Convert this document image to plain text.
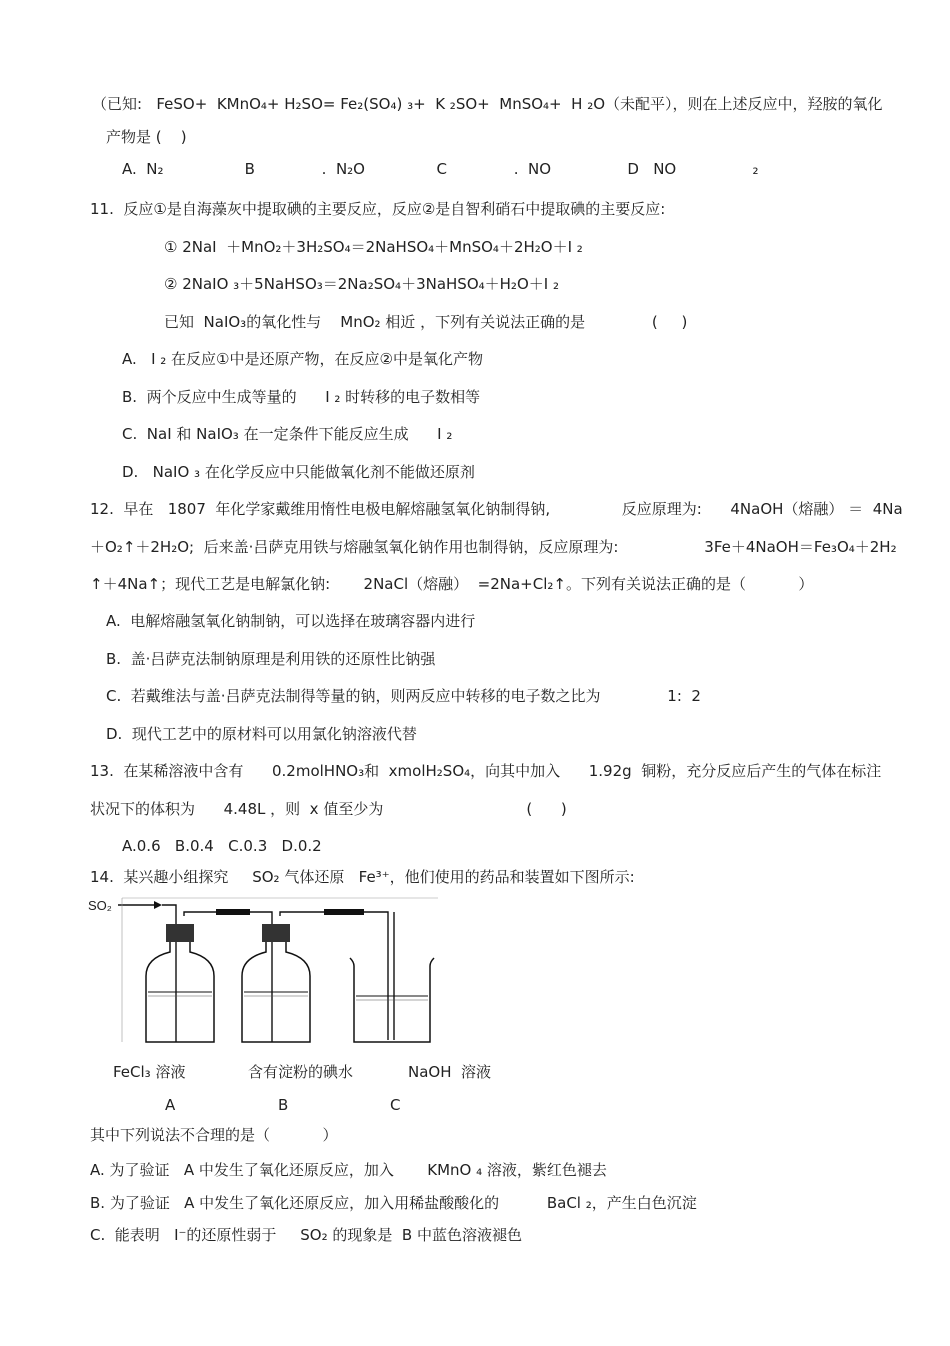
（已知:   FeSO+  KMnO₄+ H₂SO= Fe₂(SO₄) ₃+  K ₂SO+  MnSO₄+  H ₂O（未配平），则在上述反应中，羟胺的氧化
产物是 (    )
A.  N₂                 B              .  N₂O               C              .  NO                D   NO                ₂
11.  反应①是自海藻灰中提取碘的主要反应，反应②是自智利硝石中提取碘的主要反应:
① 2NaI  ＋MnO₂＋3H₂SO₄＝2NaHSO₄＋MnSO₄＋2H₂O＋I ₂
② 2NaIO ₃＋5NaHSO₃＝2Na₂SO₄＋3NaHSO₄＋H₂O＋I ₂
已知  NaIO₃的氧化性与    MnO₂ 相近 ，下列有关说法正确的是              (     )
A.   I ₂ 在反应①中是还原产物，在反应②中是氧化产物
B.  两个反应中生成等量的      I ₂ 时转移的电子数相等
C.  NaI 和 NaIO₃ 在一定条件下能反应生成      I ₂
D.   NaIO ₃ 在化学反应中只能做氧化剂不能做还原剂
12.  早在   1807  年化学家戴维用惰性电极电解熔融氢氧化钠制得钠,               反应原理为:      4NaOH（熔融） ＝  4Na
＋O₂↑＋2H₂O;  后来盖·吕萨克用铁与熔融氢氧化钠作用也制得钠，反应原理为:                  3Fe＋4NaOH＝Fe₃O₄＋2H₂
↑＋4Na↑；现代工艺是电解氯化钠:       2NaCl（熔融）  =2Na+Cl₂↑。下列有关说法正确的是（           ）
A.  电解熔融氢氧化钠制钠，可以选择在玻璃容器内进行
B.  盖·吕萨克法制钠原理是利用铁的还原性比钠强
C.  若戴维法与盖·吕萨克法制得等量的钠，则两反应中转移的电子数之比为              1:  2
D.  现代工艺中的原材料可以用氯化钠溶液代替
13.  在某稀溶液中含有      0.2molHNO₃和  xmolH₂SO₄，向其中加入      1.92g  铜粉，充分反应后产生的气体在标注
状况下的体积为      4.48L ，则  x 值至少为                              (      )
A.0.6   B.0.4   C.0.3   D.0.2
14.  某兴趣小组探究     SO₂ 气体还原   Fe³⁺，他们使用的药品和装置如下图所示:
SO₂
FeCl₃ 溶液	含有淀粉的碘水	NaOH  溶液
A	B	C
其中下列说法不合理的是（           ）
A. 为了验证   A 中发生了氧化还原反应，加入       KMnO ₄ 溶液，紫红色褪去
B. 为了验证   A 中发生了氧化还原反应，加入用稀盐酸酸化的          BaCl ₂，产生白色沉淀
C.  能表明   I⁻的还原性弱于     SO₂ 的现象是  B 中蓝色溶液褪色
